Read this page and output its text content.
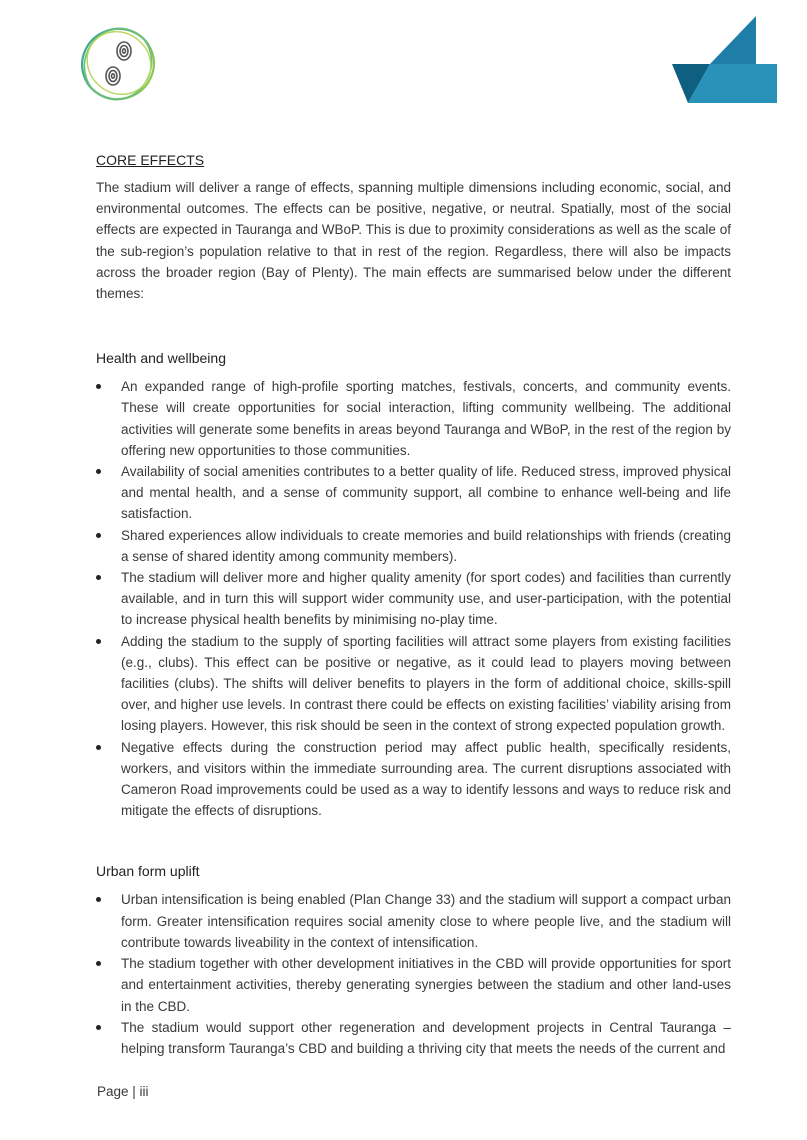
CORE EFFECTS

The stadium will deliver a range of effects, spanning multiple dimensions including economic, social, and environmental outcomes. The effects can be positive, negative, or neutral. Spatially, most of the social effects are expected in Tauranga and WBoP. This is due to proximity considerations as well as the scale of the sub-region’s population relative to that in rest of the region. Regardless, there will also be impacts across the broader region (Bay of Plenty). The main effects are summarised below under the different themes:

Health and wellbeing
An expanded range of high-profile sporting matches, festivals, concerts, and community events. These will create opportunities for social interaction, lifting community wellbeing. The additional activities will generate some benefits in areas beyond Tauranga and WBoP, in the rest of the region by offering new opportunities to those communities.
Availability of social amenities contributes to a better quality of life. Reduced stress, improved physical and mental health, and a sense of community support, all combine to enhance well-being and life satisfaction.
Shared experiences allow individuals to create memories and build relationships with friends (creating a sense of shared identity among community members).
The stadium will deliver more and higher quality amenity (for sport codes) and facilities than currently available, and in turn this will support wider community use, and user-participation, with the potential to increase physical health benefits by minimising no-play time.
Adding the stadium to the supply of sporting facilities will attract some players from existing facilities (e.g., clubs). This effect can be positive or negative, as it could lead to players moving between facilities (clubs). The shifts will deliver benefits to players in the form of additional choice, skills-spill over, and higher use levels. In contrast there could be effects on existing facilities’ viability arising from losing players. However, this risk should be seen in the context of strong expected population growth.
Negative effects during the construction period may affect public health, specifically residents, workers, and visitors within the immediate surrounding area. The current disruptions associated with Cameron Road improvements could be used as a way to identify lessons and ways to reduce risk and mitigate the effects of disruptions.
Urban form uplift
Urban intensification is being enabled (Plan Change 33) and the stadium will support a compact urban form. Greater intensification requires social amenity close to where people live, and the stadium will contribute towards liveability in the context of intensification.
The stadium together with other development initiatives in the CBD will provide opportunities for sport and entertainment activities, thereby generating synergies between the stadium and other land-uses in the CBD.
The stadium would support other regeneration and development projects in Central Tauranga – helping transform Tauranga’s CBD and building a thriving city that meets the needs of the current and
Page | iii
